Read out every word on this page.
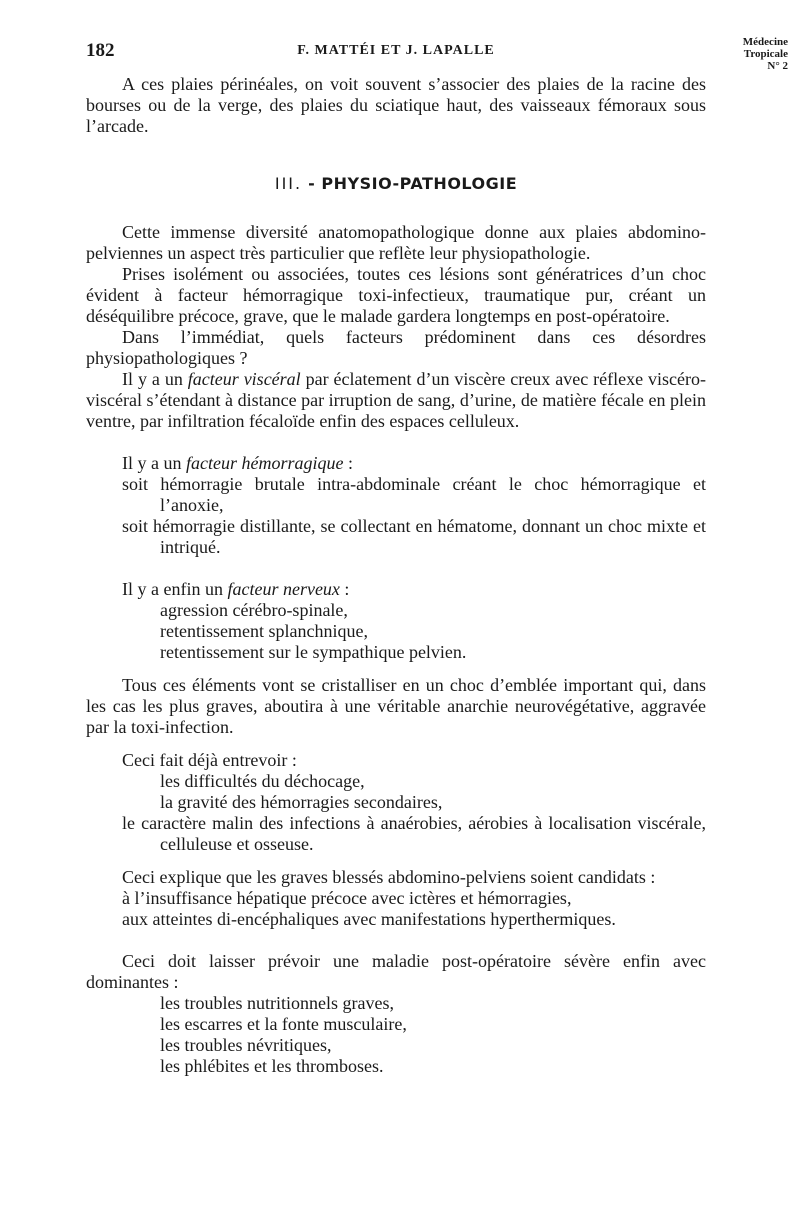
182	F. MATTÉI ET J. LAPALLE
Médecine
Tropicale
N° 2

A ces plaies périnéales, on voit souvent s’associer des plaies de la racine des bourses ou de la verge, des plaies du sciatique haut, des vaisseaux fémoraux sous l’arcade.

III. - PHYSIO-PATHOLOGIE

Cette immense diversité anatomopathologique donne aux plaies abdomino-pelviennes un aspect très particulier que reflète leur physiopathologie.

Prises isolément ou associées, toutes ces lésions sont génératrices d’un choc évident à facteur hémorragique toxi-infectieux, traumatique pur, créant un déséquilibre précoce, grave, que le malade gardera longtemps en post-opératoire.

Dans l’immédiat, quels facteurs prédominent dans ces désordres physiopathologiques ?

Il y a un facteur viscéral par éclatement d’un viscère creux avec réflexe viscéro-viscéral s’étendant à distance par irruption de sang, d’urine, de matière fécale en plein ventre, par infiltration fécaloïde enfin des espaces celluleux.

Il y a un facteur hémorragique :

soit hémorragie brutale intra-abdominale créant le choc hémorragique et l’anoxie,

soit hémorragie distillante, se collectant en hématome, donnant un choc mixte et intriqué.

Il y a enfin un facteur nerveux :

agression cérébro-spinale,

retentissement splanchnique,

retentissement sur le sympathique pelvien.

Tous ces éléments vont se cristalliser en un choc d’emblée important qui, dans les cas les plus graves, aboutira à une véritable anarchie neurovégétative, aggravée par la toxi-infection.

Ceci fait déjà entrevoir :

les difficultés du déchocage,

la gravité des hémorragies secondaires,

le caractère malin des infections à anaérobies, aérobies à localisation viscérale, celluleuse et osseuse.

Ceci explique que les graves blessés abdomino-pelviens soient candidats :

à l’insuffisance hépatique précoce avec ictères et hémorragies,

aux atteintes di-encéphaliques avec manifestations hyperthermiques.

Ceci doit laisser prévoir une maladie post-opératoire sévère enfin avec dominantes :

les troubles nutritionnels graves,

les escarres et la fonte musculaire,

les troubles névritiques,

les phlébites et les thromboses.
